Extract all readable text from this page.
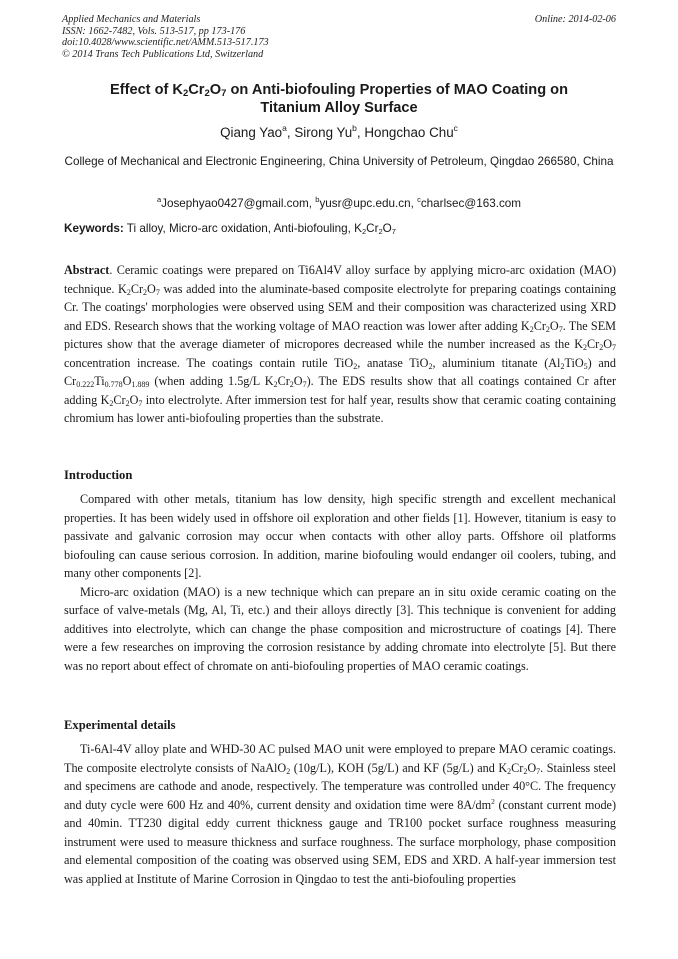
Applied Mechanics and Materials
ISSN: 1662-7482, Vols. 513-517, pp 173-176
doi:10.4028/www.scientific.net/AMM.513-517.173
© 2014 Trans Tech Publications Ltd, Switzerland
Online: 2014-02-06
Effect of $K_2Cr_2O_7$ on Anti-biofouling Properties of MAO Coating on
Titanium Alloy Surface
Qiang Yao$^a$, Sirong Yu$^b$, Hongchao Chu$^c$
College of Mechanical and Electronic Engineering, China University of Petroleum, Qingdao 266580, China
$^a$Josephyao0427@gmail.com, $^b$yusr@upc.edu.cn, $^c$charlsec@163.com
Keywords: Ti alloy, Micro-arc oxidation, Anti-biofouling, $K_2Cr_2O_7$

Abstract. Ceramic coatings were prepared on Ti6Al4V alloy surface by applying micro-arc oxidation (MAO) technique. $K_2Cr_2O_7$ was added into the aluminate-based composite electrolyte for preparing coatings containing Cr. The coatings' morphologies were observed using SEM and their composition was characterized using XRD and EDS. Research shows that the working voltage of MAO reaction was lower after adding $K_2Cr_2O_7$. The SEM pictures show that the average diameter of micropores decreased while the number increased as the $K_2Cr_2O_7$ concentration increase. The coatings contain rutile TiO$_2$, anatase TiO$_2$, aluminium titanate $(Al_2TiO_5)$ and $Cr_{0.222}Ti_{0.778}O_{1.889}$ (when adding 1.5g/L $K_2Cr_2O_7$). The EDS results show that all coatings contained Cr after adding $K_2Cr_2O_7$ into electrolyte. After immersion test for half year, results show that ceramic coating containing chromium has lower anti-biofouling properties than the substrate.

Introduction

Compared with other metals, titanium has low density, high specific strength and excellent mechanical properties. It has been widely used in offshore oil exploration and other fields [1]. However, titanium is easy to passivate and galvanic corrosion may occur when contacts with other alloy parts. Offshore oil platforms biofouling can cause serious corrosion. In addition, marine biofouling would endanger oil coolers, tubing, and many other components [2].

Micro-arc oxidation (MAO) is a new technique which can prepare an in situ oxide ceramic coating on the surface of valve-metals (Mg, Al, Ti, etc.) and their alloys directly [3]. This technique is convenient for adding additives into electrolyte, which can change the phase composition and microstructure of coatings [4]. There were a few researches on improving the corrosion resistance by adding chromate into electrolyte [5]. But there was no report about effect of chromate on anti-biofouling properties of MAO ceramic coatings.

Experimental details

Ti-6Al-4V alloy plate and WHD-30 AC pulsed MAO unit were employed to prepare MAO ceramic coatings. The composite electrolyte consists of NaAlO$_2$ (10g/L), KOH (5g/L) and KF (5g/L) and $K_2Cr_2O_7$. Stainless steel and specimens are cathode and anode, respectively. The temperature was controlled under 40°C. The frequency and duty cycle were 600 Hz and 40%, current density and oxidation time were $8A/dm^2$ (constant current mode) and 40min. TT230 digital eddy current thickness gauge and TR100 pocket surface roughness measuring instrument were used to measure thickness and surface roughness. The surface morphology, phase composition and elemental composition of the coating was observed using SEM, EDS and XRD. A half-year immersion test was applied at Institute of Marine Corrosion in Qingdao to test the anti-biofouling properties
